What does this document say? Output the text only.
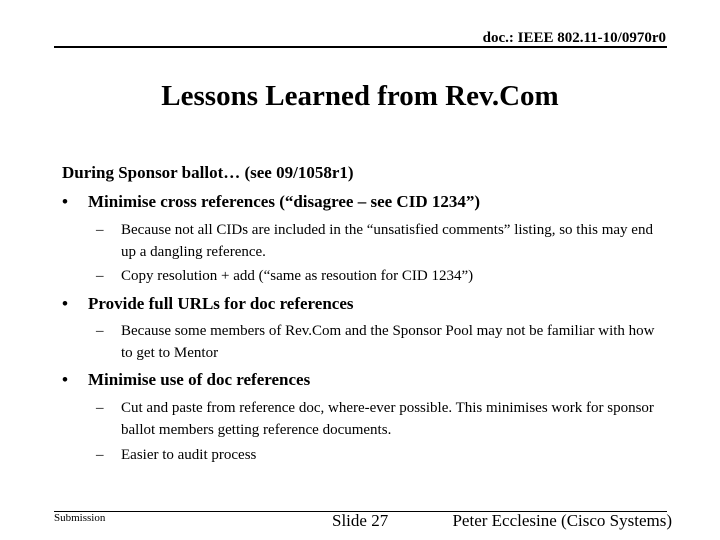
doc.: IEEE 802.11-10/0970r0
Lessons Learned from Rev.Com
During Sponsor ballot… (see 09/1058r1)
• Minimise cross references (“disagree – see CID 1234”)
– Because not all CIDs are included in the “unsatisfied comments” listing, so this may end up a dangling reference.
– Copy resolution + add (“same as resoution for CID 1234”)
• Provide full URLs for doc references
– Because some members of Rev.Com and the Sponsor Pool may not be familiar with how to get to Mentor
• Minimise use of doc references
– Cut and paste from reference doc, where-ever possible. This minimises work for sponsor ballot members getting reference documents.
– Easier to audit process
Submission	Slide 27	Peter Ecclesine (Cisco Systems)
